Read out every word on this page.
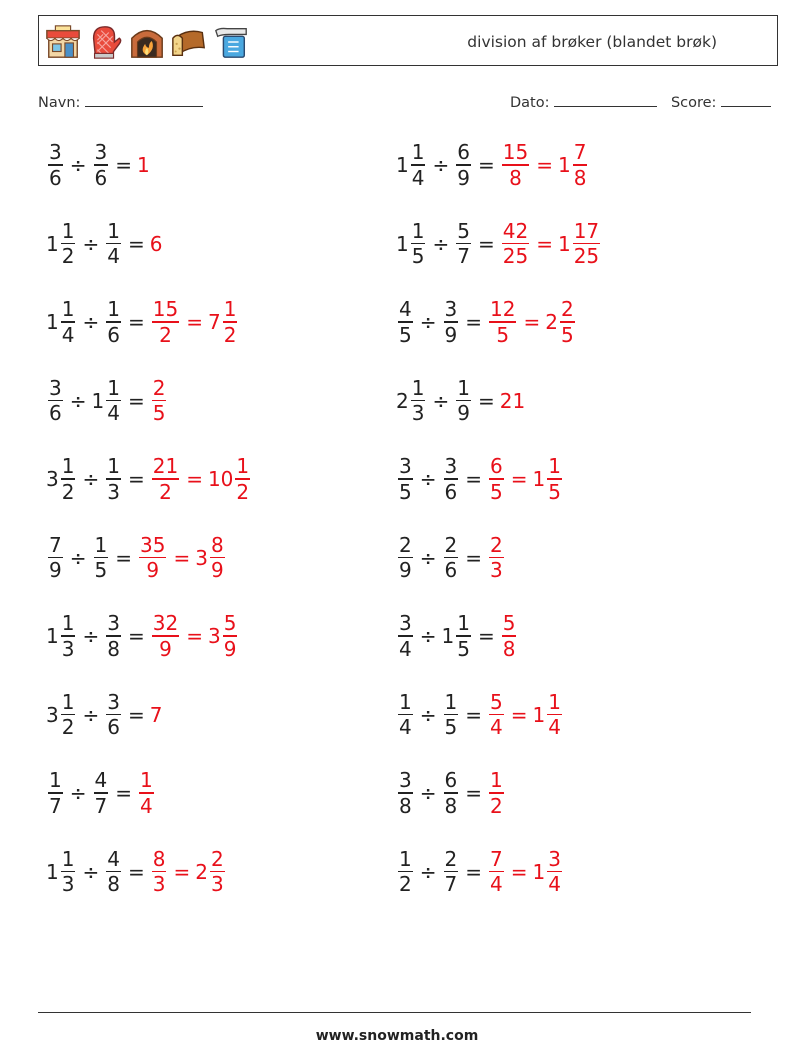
division af brøker (blandet brøk)
Navn:	Dato:	Score:
$\frac{3}{6} \div \frac{3}{6} = 1$	$1 \frac{1}{4} \div \frac{6}{9} = \frac{15}{8} = 1 \frac{7}{8}$
$1 \frac{1}{2} \div \frac{1}{4} = 6$	$1 \frac{1}{5} \div \frac{5}{7} = \frac{42}{25} = 1 \frac{17}{25}$
$1 \frac{1}{4} \div \frac{1}{6} = \frac{15}{2} = 7 \frac{1}{2}$	$\frac{4}{5} \div \frac{3}{9} = \frac{12}{5} = 2 \frac{2}{5}$
$\frac{3}{6} \div 1 \frac{1}{4} = \frac{2}{5}$	$2 \frac{1}{3} \div \frac{1}{9} = 21$
$3 \frac{1}{2} \div \frac{1}{3} = \frac{21}{2} = 10 \frac{1}{2}$	$\frac{3}{5} \div \frac{3}{6} = \frac{6}{5} = 1 \frac{1}{5}$
$\frac{7}{9} \div \frac{1}{5} = \frac{35}{9} = 3 \frac{8}{9}$	$\frac{2}{9} \div \frac{2}{6} = \frac{2}{3}$
$1 \frac{1}{3} \div \frac{3}{8} = \frac{32}{9} = 3 \frac{5}{9}$	$\frac{3}{4} \div 1 \frac{1}{5} = \frac{5}{8}$
$3 \frac{1}{2} \div \frac{3}{6} = 7$	$\frac{1}{4} \div \frac{1}{5} = \frac{5}{4} = 1 \frac{1}{4}$
$\frac{1}{7} \div \frac{4}{7} = \frac{1}{4}$	$\frac{3}{8} \div \frac{6}{8} = \frac{1}{2}$
$1 \frac{1}{3} \div \frac{4}{8} = \frac{8}{3} = 2 \frac{2}{3}$	$\frac{1}{2} \div \frac{2}{7} = \frac{7}{4} = 1 \frac{3}{4}$
www.snowmath.com
